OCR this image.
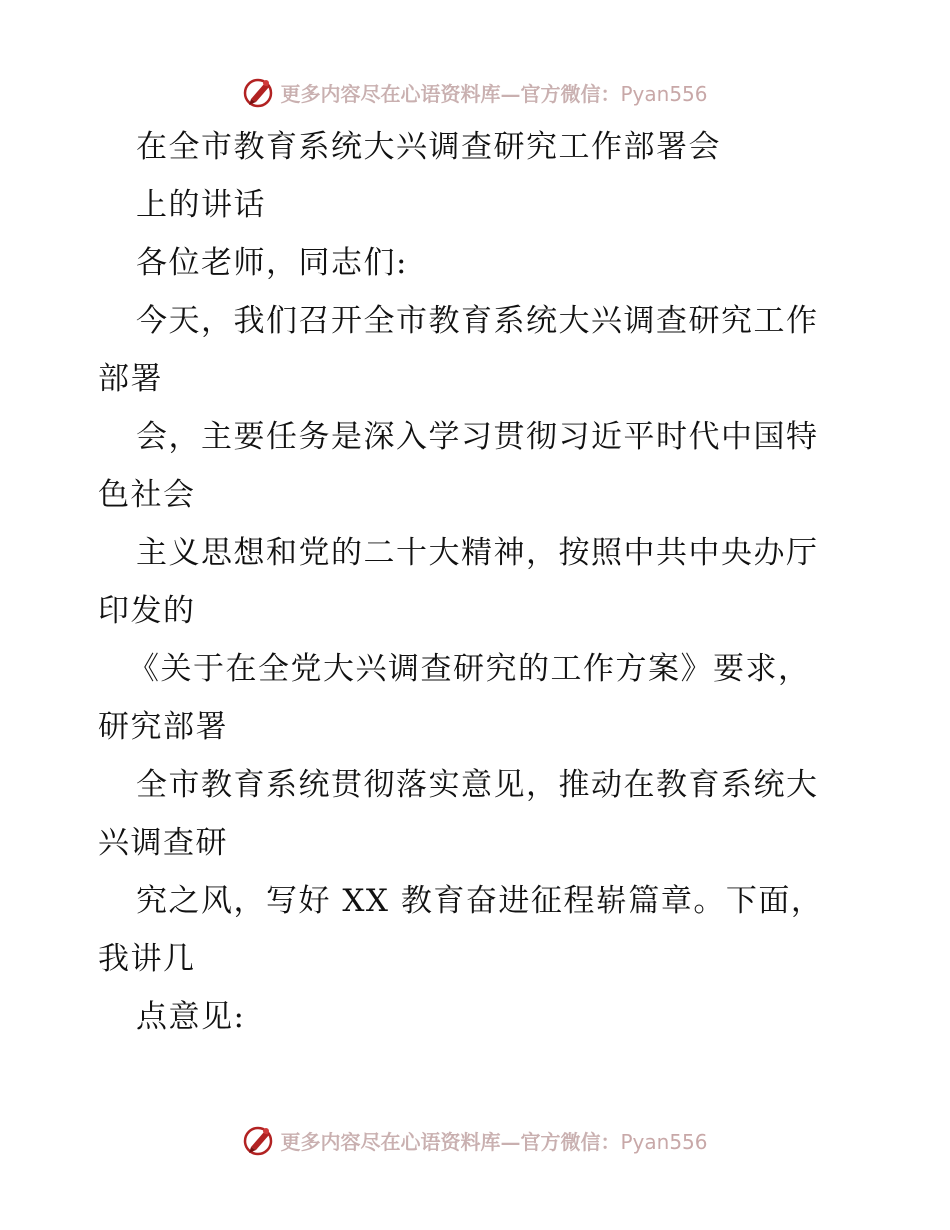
更多内容尽在心语资料库—官方微信：Pyan556
在全市教育系统大兴调查研究工作部署会
上的讲话
各位老师，同志们:
今天，我们召开全市教育系统大兴调查研究工作
部署
会，主要任务是深入学习贯彻习近平时代中国特
色社会
主义思想和党的二十大精神，按照中共中央办厅
印发的
《关于在全党大兴调查研究的工作方案》要求，
研究部署
全市教育系统贯彻落实意见，推动在教育系统大
兴调查研
究之风，写好 XX 教育奋进征程崭篇章。下面，
我讲几
点意见:
更多内容尽在心语资料库—官方微信：Pyan556
